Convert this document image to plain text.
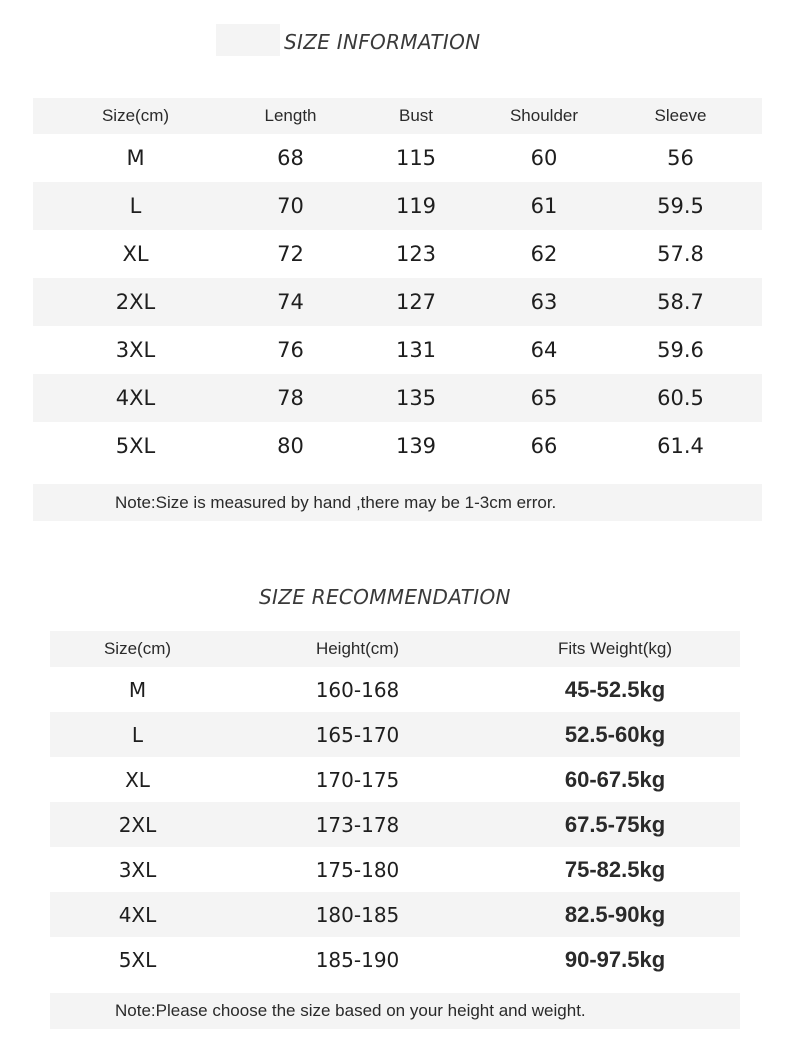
SIZE INFORMATION
Size(cm)	Length	Bust	Shoulder	Sleeve
M	68	115	60	56
L	70	119	61	59.5
XL	72	123	62	57.8
2XL	74	127	63	58.7
3XL	76	131	64	59.6
4XL	78	135	65	60.5
5XL	80	139	66	61.4
Note:Size is measured by hand ,there may be 1-3cm error.
SIZE RECOMMENDATION
Size(cm)	Height(cm)	Fits Weight(kg)
M	160-168	45-52.5kg
L	165-170	52.5-60kg
XL	170-175	60-67.5kg
2XL	173-178	67.5-75kg
3XL	175-180	75-82.5kg
4XL	180-185	82.5-90kg
5XL	185-190	90-97.5kg
Note:Please choose the size based on your height and weight.
